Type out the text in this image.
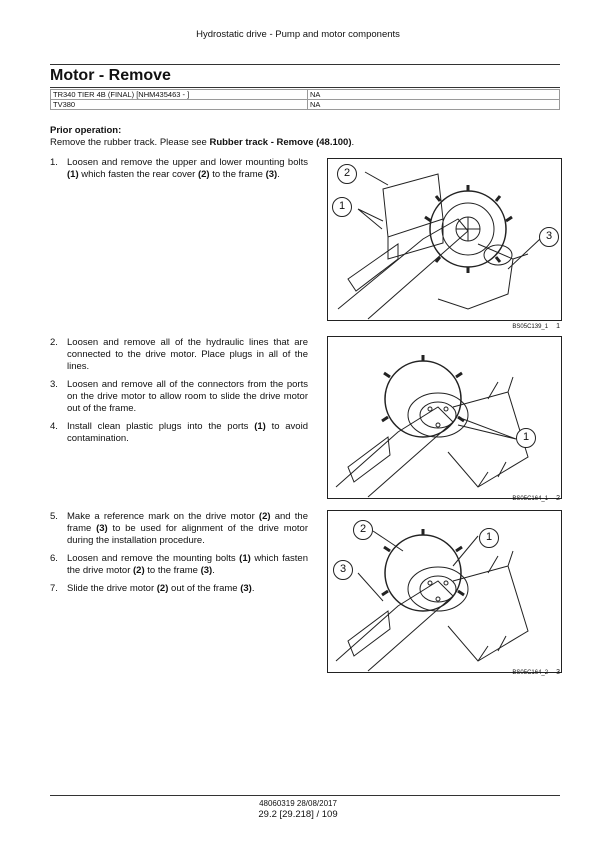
Hydrostatic drive - Pump and motor components
Motor - Remove
TR340 TIER 4B (FINAL) [NHM435463 - ]	NA
TV380	NA
Prior operation:
Remove the rubber track. Please see Rubber track - Remove (48.100).
1. Loosen and remove the upper and lower mounting bolts (1) which fasten the rear cover (2) to the frame (3).
2. Loosen and remove all of the hydraulic lines that are connected to the drive motor. Place plugs in all of the lines.
3. Loosen and remove all of the connectors from the ports on the drive motor to allow room to slide the drive motor out of the frame.
4. Install clean plastic plugs into the ports (1) to avoid contamination.
5. Make a reference mark on the drive motor (2) and the frame (3) to be used for alignment of the drive motor during the installation procedure.
6. Loosen and remove the mounting bolts (1) which fasten the drive motor (2) to the frame (3).
7. Slide the drive motor (2) out of the frame (3).
2
1
3
BS05C139_1 1
1
BS05C164_1 2
2
1
3
BS05C164_2 3
48060319 28/08/2017
29.2 [29.218] / 109
